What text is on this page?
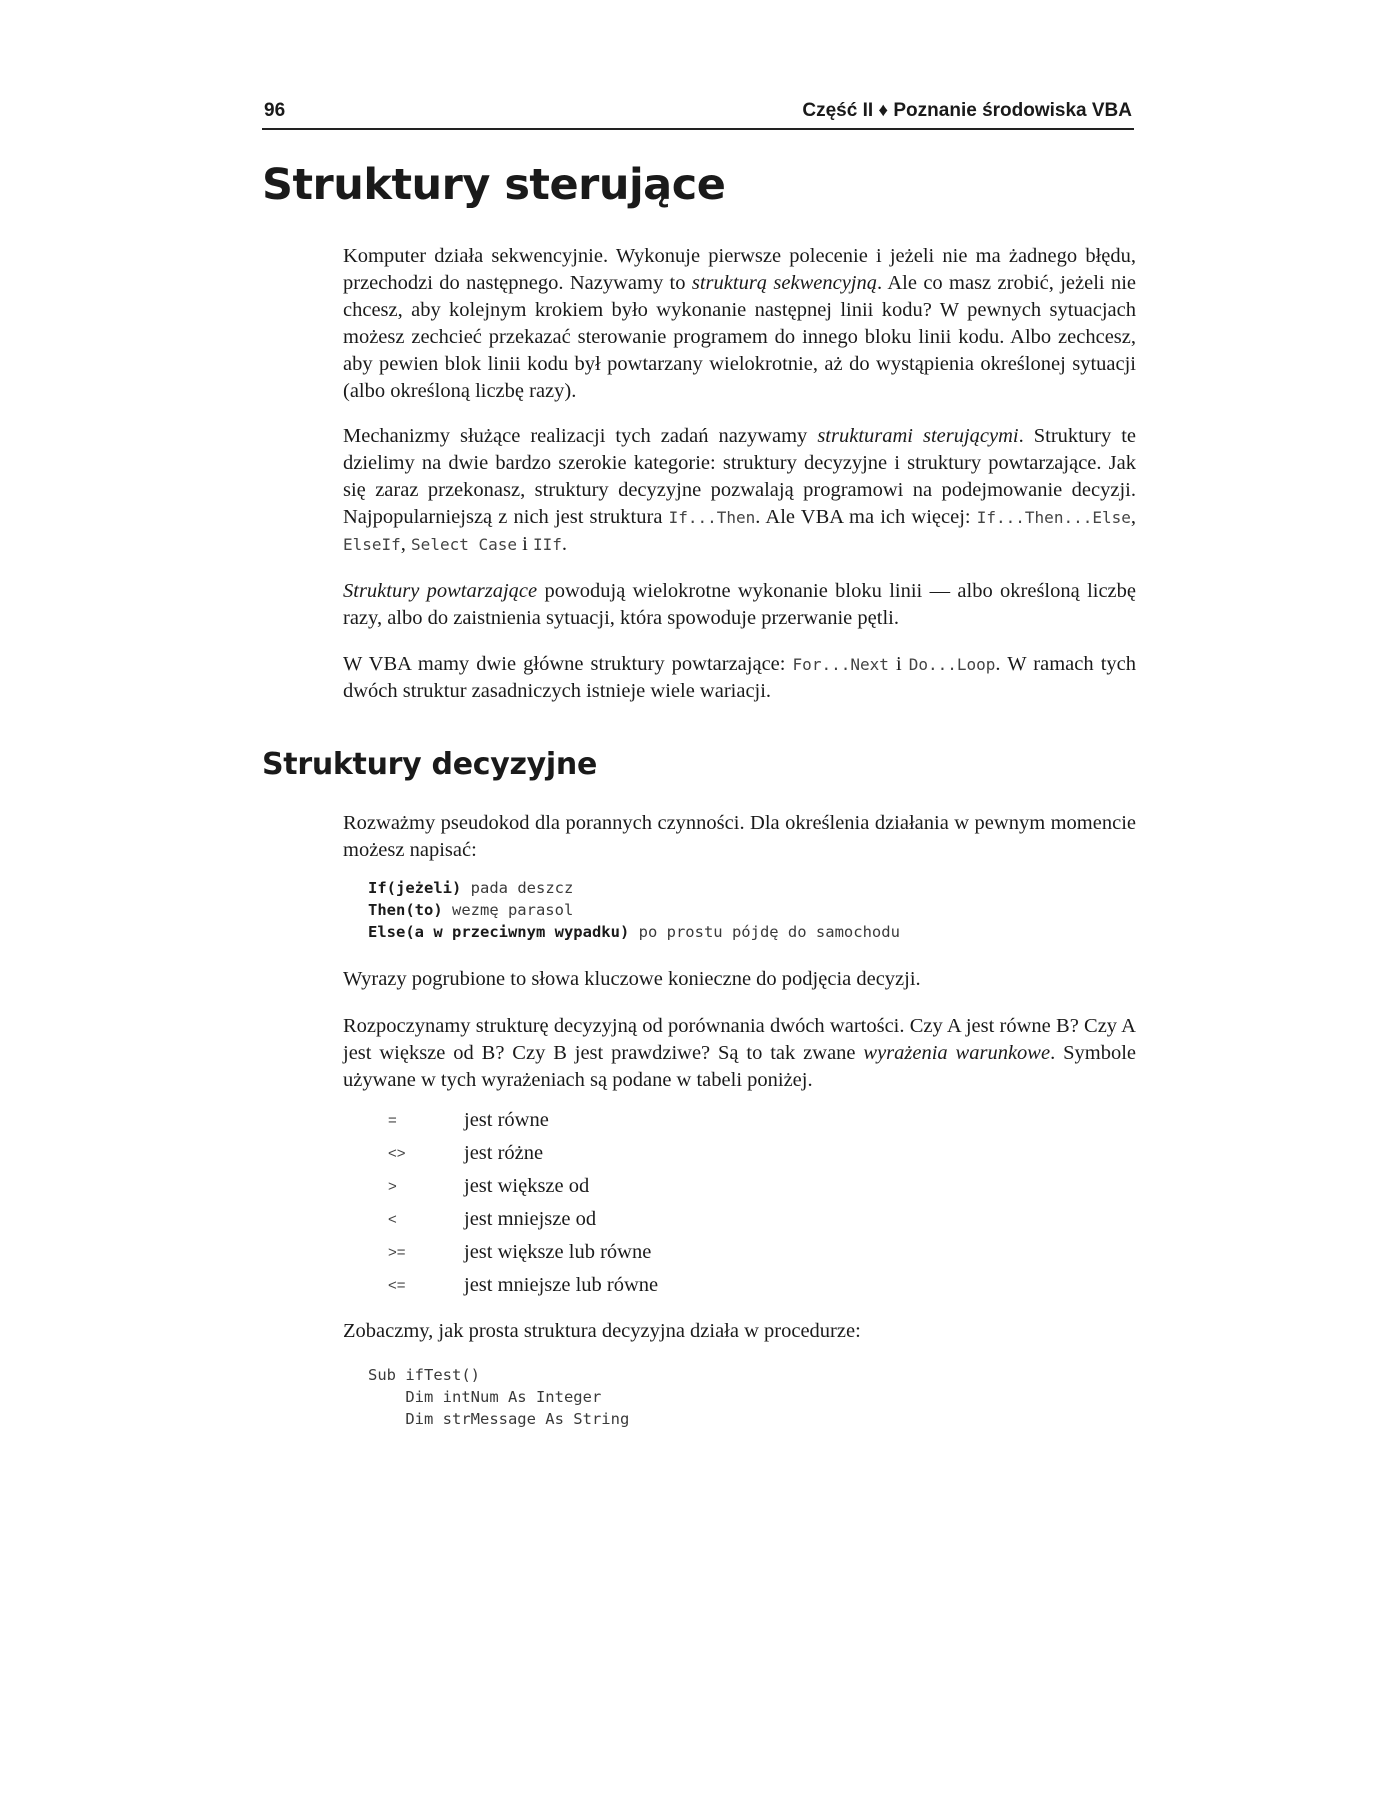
96	Część II ♦ Poznanie środowiska VBA
Struktury sterujące

Komputer działa sekwencyjnie. Wykonuje pierwsze polecenie i jeżeli nie ma żadnego błędu, przechodzi do następnego. Nazywamy to strukturą sekwencyjną. Ale co masz zrobić, jeżeli nie chcesz, aby kolejnym krokiem było wykonanie następnej linii kodu? W pewnych sytuacjach możesz zechcieć przekazać sterowanie programem do innego bloku linii kodu. Albo zechcesz, aby pewien blok linii kodu był powtarzany wielokrotnie, aż do wystąpienia określonej sytuacji (albo określoną liczbę razy).

Mechanizmy służące realizacji tych zadań nazywamy strukturami sterującymi. Struktury te dzielimy na dwie bardzo szerokie kategorie: struktury decyzyjne i struktury powtarzające. Jak się zaraz przekonasz, struktury decyzyjne pozwalają programowi na podejmowanie decyzji. Najpopularniejszą z nich jest struktura If...Then. Ale VBA ma ich więcej: If...Then...Else, ElseIf, Select Case i IIf.

Struktury powtarzające powodują wielokrotne wykonanie bloku linii — albo określoną liczbę razy, albo do zaistnienia sytuacji, która spowoduje przerwanie pętli.

W VBA mamy dwie główne struktury powtarzające: For...Next i Do...Loop. W ramach tych dwóch struktur zasadniczych istnieje wiele wariacji.

Struktury decyzyjne

Rozważmy pseudokod dla porannych czynności. Dla określenia działania w pewnym momencie możesz napisać:

If(jeżeli) pada deszcz
Then(to) wezmę parasol
Else(a w przeciwnym wypadku) po prostu pójdę do samochodu

Wyrazy pogrubione to słowa kluczowe konieczne do podjęcia decyzji.

Rozpoczynamy strukturę decyzyjną od porównania dwóch wartości. Czy A jest równe B? Czy A jest większe od B? Czy B jest prawdziwe? Są to tak zwane wyrażenia warunkowe. Symbole używane w tych wyrażeniach są podane w tabeli poniżej.

=	jest równe
<>	jest różne
>	jest większe od
<	jest mniejsze od
>=	jest większe lub równe
<=	jest mniejsze lub równe

Zobaczmy, jak prosta struktura decyzyjna działa w procedurze:

Sub ifTest()
Dim intNum As Integer
Dim strMessage As String
